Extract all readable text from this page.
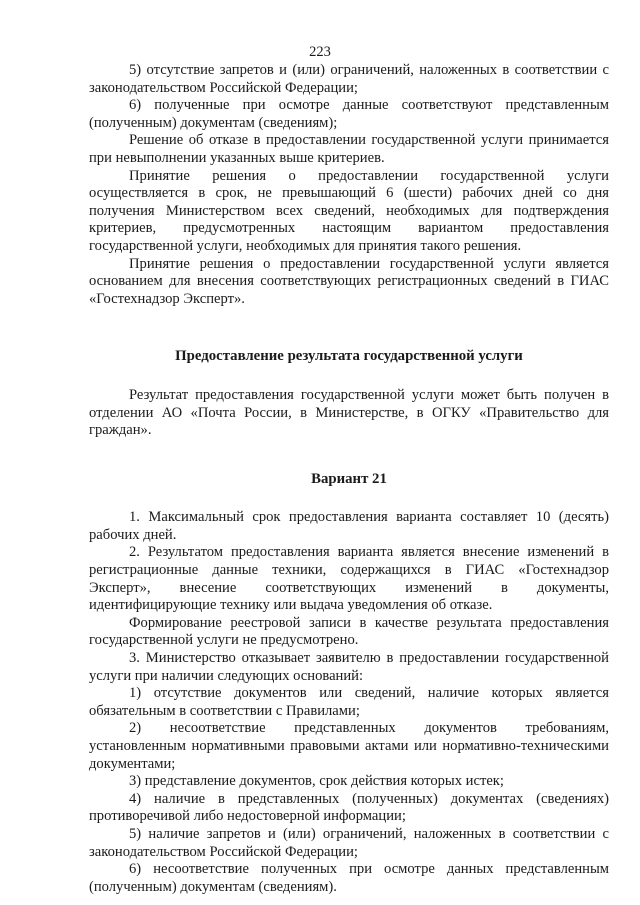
223

5) отсутствие запретов и (или) ограничений, наложенных в соответствии с законодательством Российской Федерации;

6) полученные при осмотре данные соответствуют представленным (полученным) документам (сведениям);

Решение об отказе в предоставлении государственной услуги принимается при невыполнении указанных выше критериев.

Принятие решения о предоставлении государственной услуги осуществляется в срок, не превышающий 6 (шести) рабочих дней со дня получения Министерством всех сведений, необходимых для подтверждения критериев, предусмотренных настоящим вариантом предоставления государственной услуги, необходимых для принятия такого решения.

Принятие решения о предоставлении государственной услуги является основанием для внесения соответствующих регистрационных сведений в ГИАС «Гостехнадзор Эксперт».

Предоставление результата государственной услуги

Результат предоставления государственной услуги может быть получен в отделении АО «Почта России, в Министерстве, в ОГКУ «Правительство для граждан».

Вариант 21

1. Максимальный срок предоставления варианта составляет 10 (десять) рабочих дней.

2. Результатом предоставления варианта является внесение изменений в регистрационные данные техники, содержащихся в ГИАС «Гостехнадзор Эксперт», внесение соответствующих изменений в документы, идентифицирующие технику или выдача уведомления об отказе.

Формирование реестровой записи в качестве результата предоставления государственной услуги не предусмотрено.

3. Министерство отказывает заявителю в предоставлении государственной услуги при наличии следующих оснований:

1) отсутствие документов или сведений, наличие которых является обязательным в соответствии с Правилами;

2) несоответствие представленных документов требованиям, установленным нормативными правовыми актами или нормативно-техническими документами;

3) представление документов, срок действия которых истек;

4) наличие в представленных (полученных) документах (сведениях) противоречивой либо недостоверной информации;

5) наличие запретов и (или) ограничений, наложенных в соответствии с законодательством Российской Федерации;

6) несоответствие полученных при осмотре данных представленным (полученным) документам (сведениям).
